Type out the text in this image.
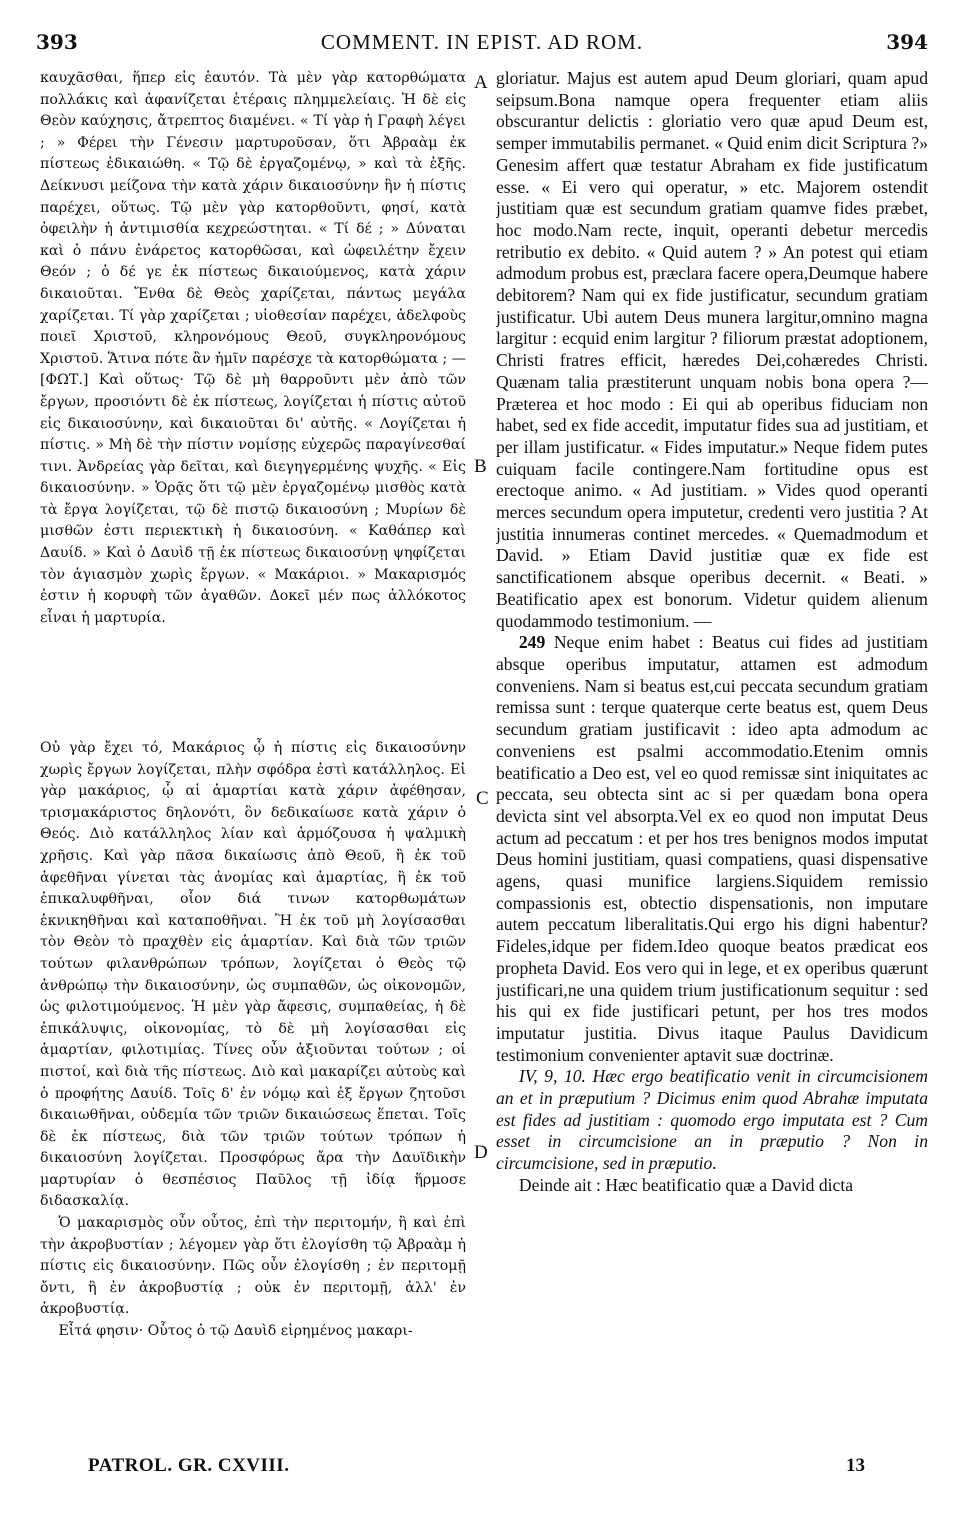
393	COMMENT. IN EPIST. AD ROM.	394

καυχᾶσθαι, ἥπερ εἰς ἑαυτόν. Τὰ μὲν γὰρ κατορθώματα πολλάκις καὶ ἀφανίζεται ἑτέραις πλημμελείαις. Ἡ δὲ εἰς Θεὸν καύχησις, ἄτρεπτος διαμένει. « Τί γὰρ ἡ Γραφὴ λέγει ; » Φέρει τὴν Γένεσιν μαρτυροῦσαν, ὅτι Ἀβραὰμ ἐκ πίστεως ἐδικαιώθη. « Τῷ δὲ ἐργαζομένῳ, » καὶ τὰ ἑξῆς. Δείκνυσι μείζονα τὴν κατὰ χάριν δικαιοσύνην ἣν ἡ πίστις παρέχει, οὕτως. Τῷ μὲν γὰρ κατορθοῦντι, φησί, κατὰ ὀφειλὴν ἡ ἀντιμισθία κεχρεώστηται. « Τί δέ ; » Δύναται καὶ ὁ πάνυ ἐνάρετος κατορθῶσαι, καὶ ὠφειλέτην ἔχειν Θεόν ; ὁ δέ γε ἐκ πίστεως δικαιούμενος, κατὰ χάριν δικαιοῦται. Ἔνθα δὲ Θεὸς χαρίζεται, πάντως μεγάλα χαρίζεται. Τί γὰρ χαρίζεται ; υἱοθεσίαν παρέχει, ἀδελφοὺς ποιεῖ Χριστοῦ, κληρονόμους Θεοῦ, συγκληρονόμους Χριστοῦ. Ἅτινα πότε ἂν ἡμῖν παρέσχε τὰ κατορθώματα ; — [ΦΩΤ.] Καὶ οὕτως· Τῷ δὲ μὴ θαρροῦντι μὲν ἀπὸ τῶν ἔργων, προσιόντι δὲ ἐκ πίστεως, λογίζεται ἡ πίστις αὐτοῦ εἰς δικαιοσύνην, καὶ δικαιοῦται δι' αὐτῆς. « Λογίζεται ἡ πίστις. » Μὴ δὲ τὴν πίστιν νομίσῃς εὐχερῶς παραγίνεσθαί τινι. Ἀνδρείας γὰρ δεῖται, καὶ διεγηγερμένης ψυχῆς. « Εἰς δικαιοσύνην. » Ὁρᾷς ὅτι τῷ μὲν ἐργαζομένῳ μισθὸς κατὰ τὰ ἔργα λογίζεται, τῷ δὲ πιστῷ δικαιοσύνη ; Μυρίων δὲ μισθῶν ἐστι περιεκτικὴ ἡ δικαιοσύνη. « Καθάπερ καὶ Δαυίδ. » Καὶ ὁ Δαυὶδ τῇ ἐκ πίστεως δικαιοσύνῃ ψηφίζεται τὸν ἁγιασμὸν χωρὶς ἔργων. « Μακάριοι. » Μακαρισμός ἐστιν ἡ κορυφὴ τῶν ἀγαθῶν. Δοκεῖ μέν πως ἀλλόκοτος εἶναι ἡ μαρτυρία.

Οὐ γὰρ ἔχει τό, Μακάριος ᾧ ἡ πίστις εἰς δικαιοσύνην χωρὶς ἔργων λογίζεται, πλὴν σφόδρα ἐστὶ κατάλληλος. Εἰ γὰρ μακάριος, ᾧ αἱ ἁμαρτίαι κατὰ χάριν ἀφέθησαν, τρισμακάριστος δηλονότι, ὃν δεδικαίωσε κατὰ χάριν ὁ Θεός. Διὸ κατάλληλος λίαν καὶ ἁρμόζουσα ἡ ψαλμικὴ χρῆσις. Καὶ γὰρ πᾶσα δικαίωσις ἀπὸ Θεοῦ, ἢ ἐκ τοῦ ἀφεθῆναι γίνεται τὰς ἀνομίας καὶ ἁμαρτίας, ἢ ἐκ τοῦ ἐπικαλυφθῆναι, οἷον διά τινων κατορθωμάτων ἐκνικηθῆναι καὶ καταποθῆναι. Ἢ ἐκ τοῦ μὴ λογίσασθαι τὸν Θεὸν τὸ πραχθὲν εἰς ἁμαρτίαν. Καὶ διὰ τῶν τριῶν τούτων φιλανθρώπων τρόπων, λογίζεται ὁ Θεὸς τῷ ἀνθρώπῳ τὴν δικαιοσύνην, ὡς συμπαθῶν, ὡς οἰκονομῶν, ὡς φιλοτιμούμενος. Ἡ μὲν γὰρ ἄφεσις, συμπαθείας, ἡ δὲ ἐπικάλυψις, οἰκονομίας, τὸ δὲ μὴ λογίσασθαι εἰς ἁμαρτίαν, φιλοτιμίας. Τίνες οὖν ἀξιοῦνται τούτων ; οἱ πιστοί, καὶ διὰ τῆς πίστεως. Διὸ καὶ μακαρίζει αὐτοὺς καὶ ὁ προφήτης Δαυίδ. Τοῖς δ' ἐν νόμῳ καὶ ἐξ ἔργων ζητοῦσι δικαιωθῆναι, οὐδεμία τῶν τριῶν δικαιώσεως ἕπεται. Τοῖς δὲ ἐκ πίστεως, διὰ τῶν τριῶν τούτων τρόπων ἡ δικαιοσύνη λογίζεται. Προσφόρως ἄρα τὴν Δαυϊδικὴν μαρτυρίαν ὁ θεσπέσιος Παῦλος τῇ ἰδίᾳ ἥρμοσε διδασκαλίᾳ.

Ὁ μακαρισμὸς οὖν οὗτος, ἐπὶ τὴν περιτομήν, ἢ καὶ ἐπὶ τὴν ἀκροβυστίαν ; λέγομεν γὰρ ὅτι ἐλογίσθη τῷ Ἀβραὰμ ἡ πίστις εἰς δικαιοσύνην. Πῶς οὖν ἐλογίσθη ; ἐν περιτομῇ ὄντι, ἢ ἐν ἀκροβυστίᾳ ; οὐκ ἐν περιτομῇ, ἀλλ' ἐν ἀκροβυστίᾳ.

Εἶτά φησιν· Οὗτος ὁ τῷ Δαυὶδ εἰρημένος μακαρι-

gloriatur. Majus est autem apud Deum gloriari, quam apud seipsum.Bona namque opera frequenter etiam aliis obscurantur delictis : gloriatio vero quæ apud Deum est, semper immutabilis permanet. « Quid enim dicit Scriptura ?» Genesim affert quæ testatur Abraham ex fide justificatum esse. « Ei vero qui operatur, » etc. Majorem ostendit justitiam quæ est secundum gratiam quamve fides præbet, hoc modo.Nam recte, inquit, operanti debetur mercedis retributio ex debito. « Quid autem ? » An potest qui etiam admodum probus est, præclara facere opera,Deumque habere debitorem? Nam qui ex fide justificatur, secundum gratiam justificatur. Ubi autem Deus munera largitur,omnino magna largitur : ecquid enim largitur ? filiorum præstat adoptionem, Christi fratres efficit, hæredes Dei,cohæredes Christi. Quænam talia præstiterunt unquam nobis bona opera ?— Præterea et hoc modo : Ei qui ab operibus fiduciam non habet, sed ex fide accedit, imputatur fides sua ad justitiam, et per illam justificatur. « Fides imputatur.» Neque fidem putes cuiquam facile contingere.Nam fortitudine opus est erectoque animo. « Ad justitiam. » Vides quod operanti merces secundum opera imputetur, credenti vero justitia ? At justitia innumeras continet mercedes. « Quemadmodum et David. » Etiam David justitiæ quæ ex fide est sanctificationem absque operibus decernit. « Beati. » Beatificatio apex est bonorum. Videtur quidem alienum quodammodo testimonium. —

249 Neque enim habet : Beatus cui fides ad justitiam absque operibus imputatur, attamen est admodum conveniens. Nam si beatus est,cui peccata secundum gratiam remissa sunt : terque quaterque certe beatus est, quem Deus secundum gratiam justificavit : ideo apta admodum ac conveniens est psalmi accommodatio.Etenim omnis beatificatio a Deo est, vel eo quod remissæ sint iniquitates ac peccata, seu obtecta sint ac si per quædam bona opera devicta sint vel absorpta.Vel ex eo quod non imputat Deus actum ad peccatum : et per hos tres benignos modos imputat Deus homini justitiam, quasi compatiens, quasi dispensative agens, quasi munifice largiens.Siquidem remissio compassionis est, obtectio dispensationis, non imputare autem peccatum liberalitatis.Qui ergo his digni habentur? Fideles,idque per fidem.Ideo quoque beatos prædicat eos propheta David. Eos vero qui in lege, et ex operibus quærunt justificari,ne una quidem trium justificationum sequitur : sed his qui ex fide justificari petunt, per hos tres modos imputatur justitia. Divus itaque Paulus Davidicum testimonium convenienter aptavit suæ doctrinæ.

IV, 9, 10. Hæc ergo beatificatio venit in circumcisionem an et in præputium ? Dicimus enim quod Abrahæ imputata est fides ad justitiam : quomodo ergo imputata est ? Cum esset in circumcisione an in præputio ? Non in circumcisione, sed in præputio.

Deinde ait : Hæc beatificatio quæ a David dicta

A
B
C
D
PATROL. GR. CXVIII.	13
